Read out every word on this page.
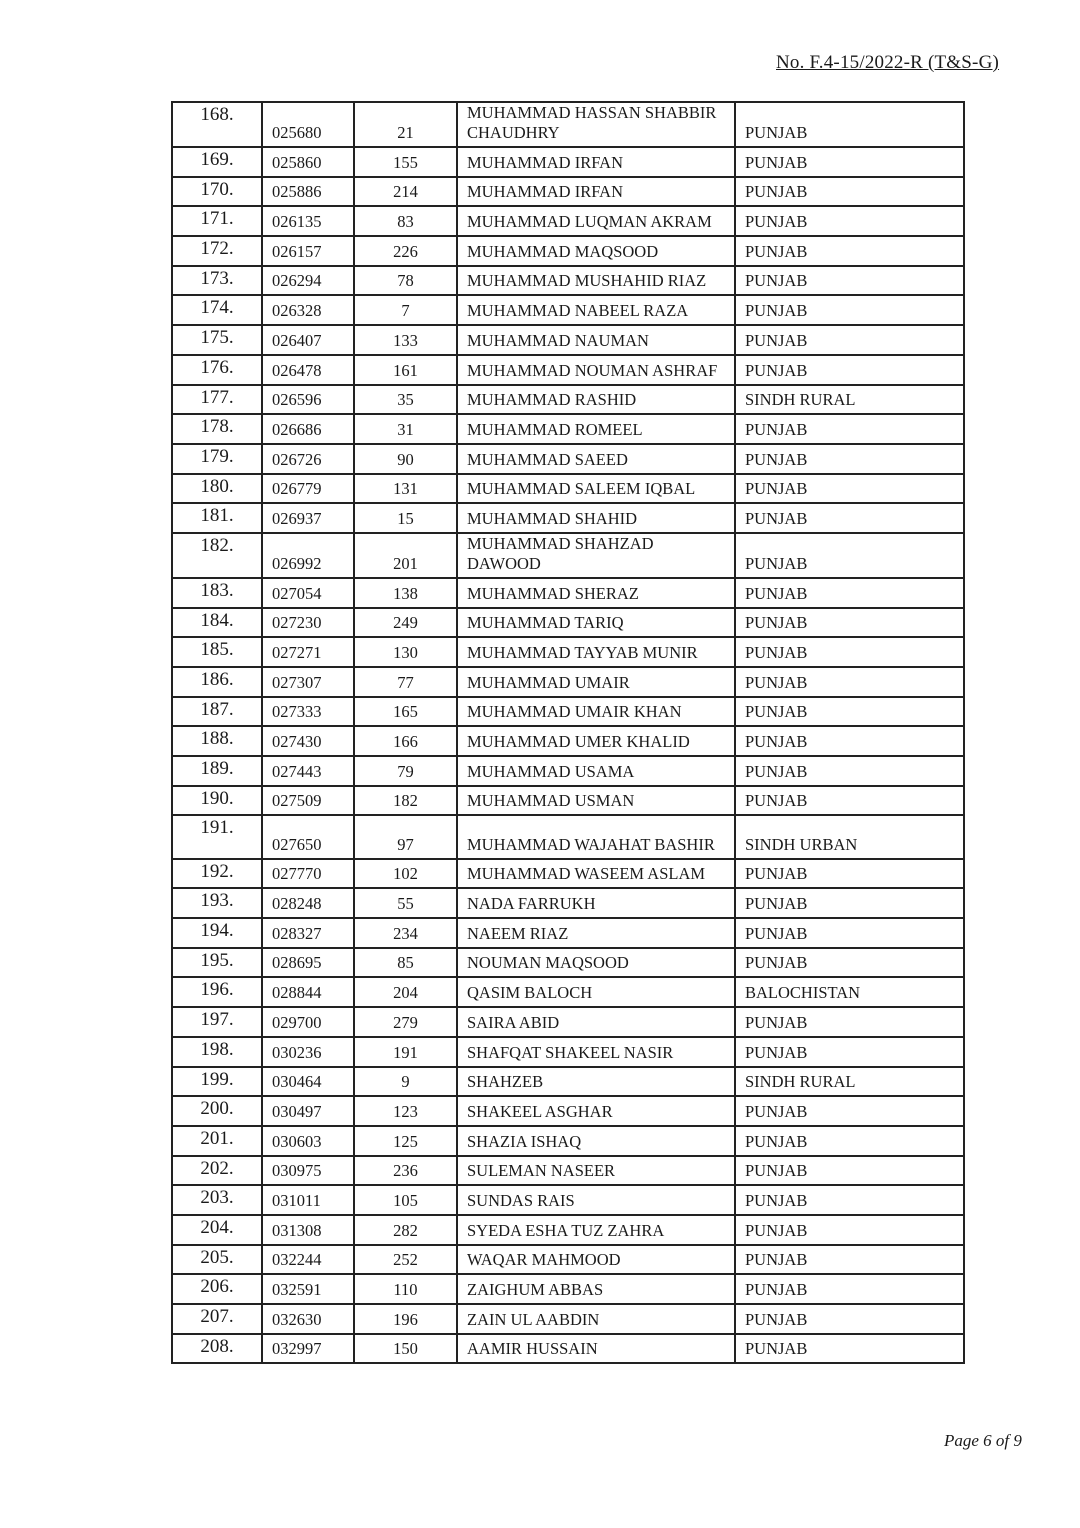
No. F.4-15/2022-R (T&S-G)
168.	025680	21	MUHAMMAD HASSAN SHABBIR CHAUDHRY	PUNJAB
169.	025860	155	MUHAMMAD IRFAN	PUNJAB
170.	025886	214	MUHAMMAD IRFAN	PUNJAB
171.	026135	83	MUHAMMAD LUQMAN AKRAM	PUNJAB
172.	026157	226	MUHAMMAD MAQSOOD	PUNJAB
173.	026294	78	MUHAMMAD MUSHAHID RIAZ	PUNJAB
174.	026328	7	MUHAMMAD NABEEL RAZA	PUNJAB
175.	026407	133	MUHAMMAD NAUMAN	PUNJAB
176.	026478	161	MUHAMMAD NOUMAN ASHRAF	PUNJAB
177.	026596	35	MUHAMMAD RASHID	SINDH RURAL
178.	026686	31	MUHAMMAD ROMEEL	PUNJAB
179.	026726	90	MUHAMMAD SAEED	PUNJAB
180.	026779	131	MUHAMMAD SALEEM IQBAL	PUNJAB
181.	026937	15	MUHAMMAD SHAHID	PUNJAB
182.	026992	201	MUHAMMAD SHAHZAD DAWOOD	PUNJAB
183.	027054	138	MUHAMMAD SHERAZ	PUNJAB
184.	027230	249	MUHAMMAD TARIQ	PUNJAB
185.	027271	130	MUHAMMAD TAYYAB MUNIR	PUNJAB
186.	027307	77	MUHAMMAD UMAIR	PUNJAB
187.	027333	165	MUHAMMAD UMAIR KHAN	PUNJAB
188.	027430	166	MUHAMMAD UMER KHALID	PUNJAB
189.	027443	79	MUHAMMAD USAMA	PUNJAB
190.	027509	182	MUHAMMAD USMAN	PUNJAB
191.	027650	97	MUHAMMAD WAJAHAT BASHIR	SINDH URBAN
192.	027770	102	MUHAMMAD WASEEM ASLAM	PUNJAB
193.	028248	55	NADA FARRUKH	PUNJAB
194.	028327	234	NAEEM RIAZ	PUNJAB
195.	028695	85	NOUMAN MAQSOOD	PUNJAB
196.	028844	204	QASIM BALOCH	BALOCHISTAN
197.	029700	279	SAIRA ABID	PUNJAB
198.	030236	191	SHAFQAT SHAKEEL NASIR	PUNJAB
199.	030464	9	SHAHZEB	SINDH RURAL
200.	030497	123	SHAKEEL ASGHAR	PUNJAB
201.	030603	125	SHAZIA ISHAQ	PUNJAB
202.	030975	236	SULEMAN NASEER	PUNJAB
203.	031011	105	SUNDAS RAIS	PUNJAB
204.	031308	282	SYEDA ESHA TUZ ZAHRA	PUNJAB
205.	032244	252	WAQAR MAHMOOD	PUNJAB
206.	032591	110	ZAIGHUM ABBAS	PUNJAB
207.	032630	196	ZAIN UL AABDIN	PUNJAB
208.	032997	150	AAMIR HUSSAIN	PUNJAB
Page 6 of 9
